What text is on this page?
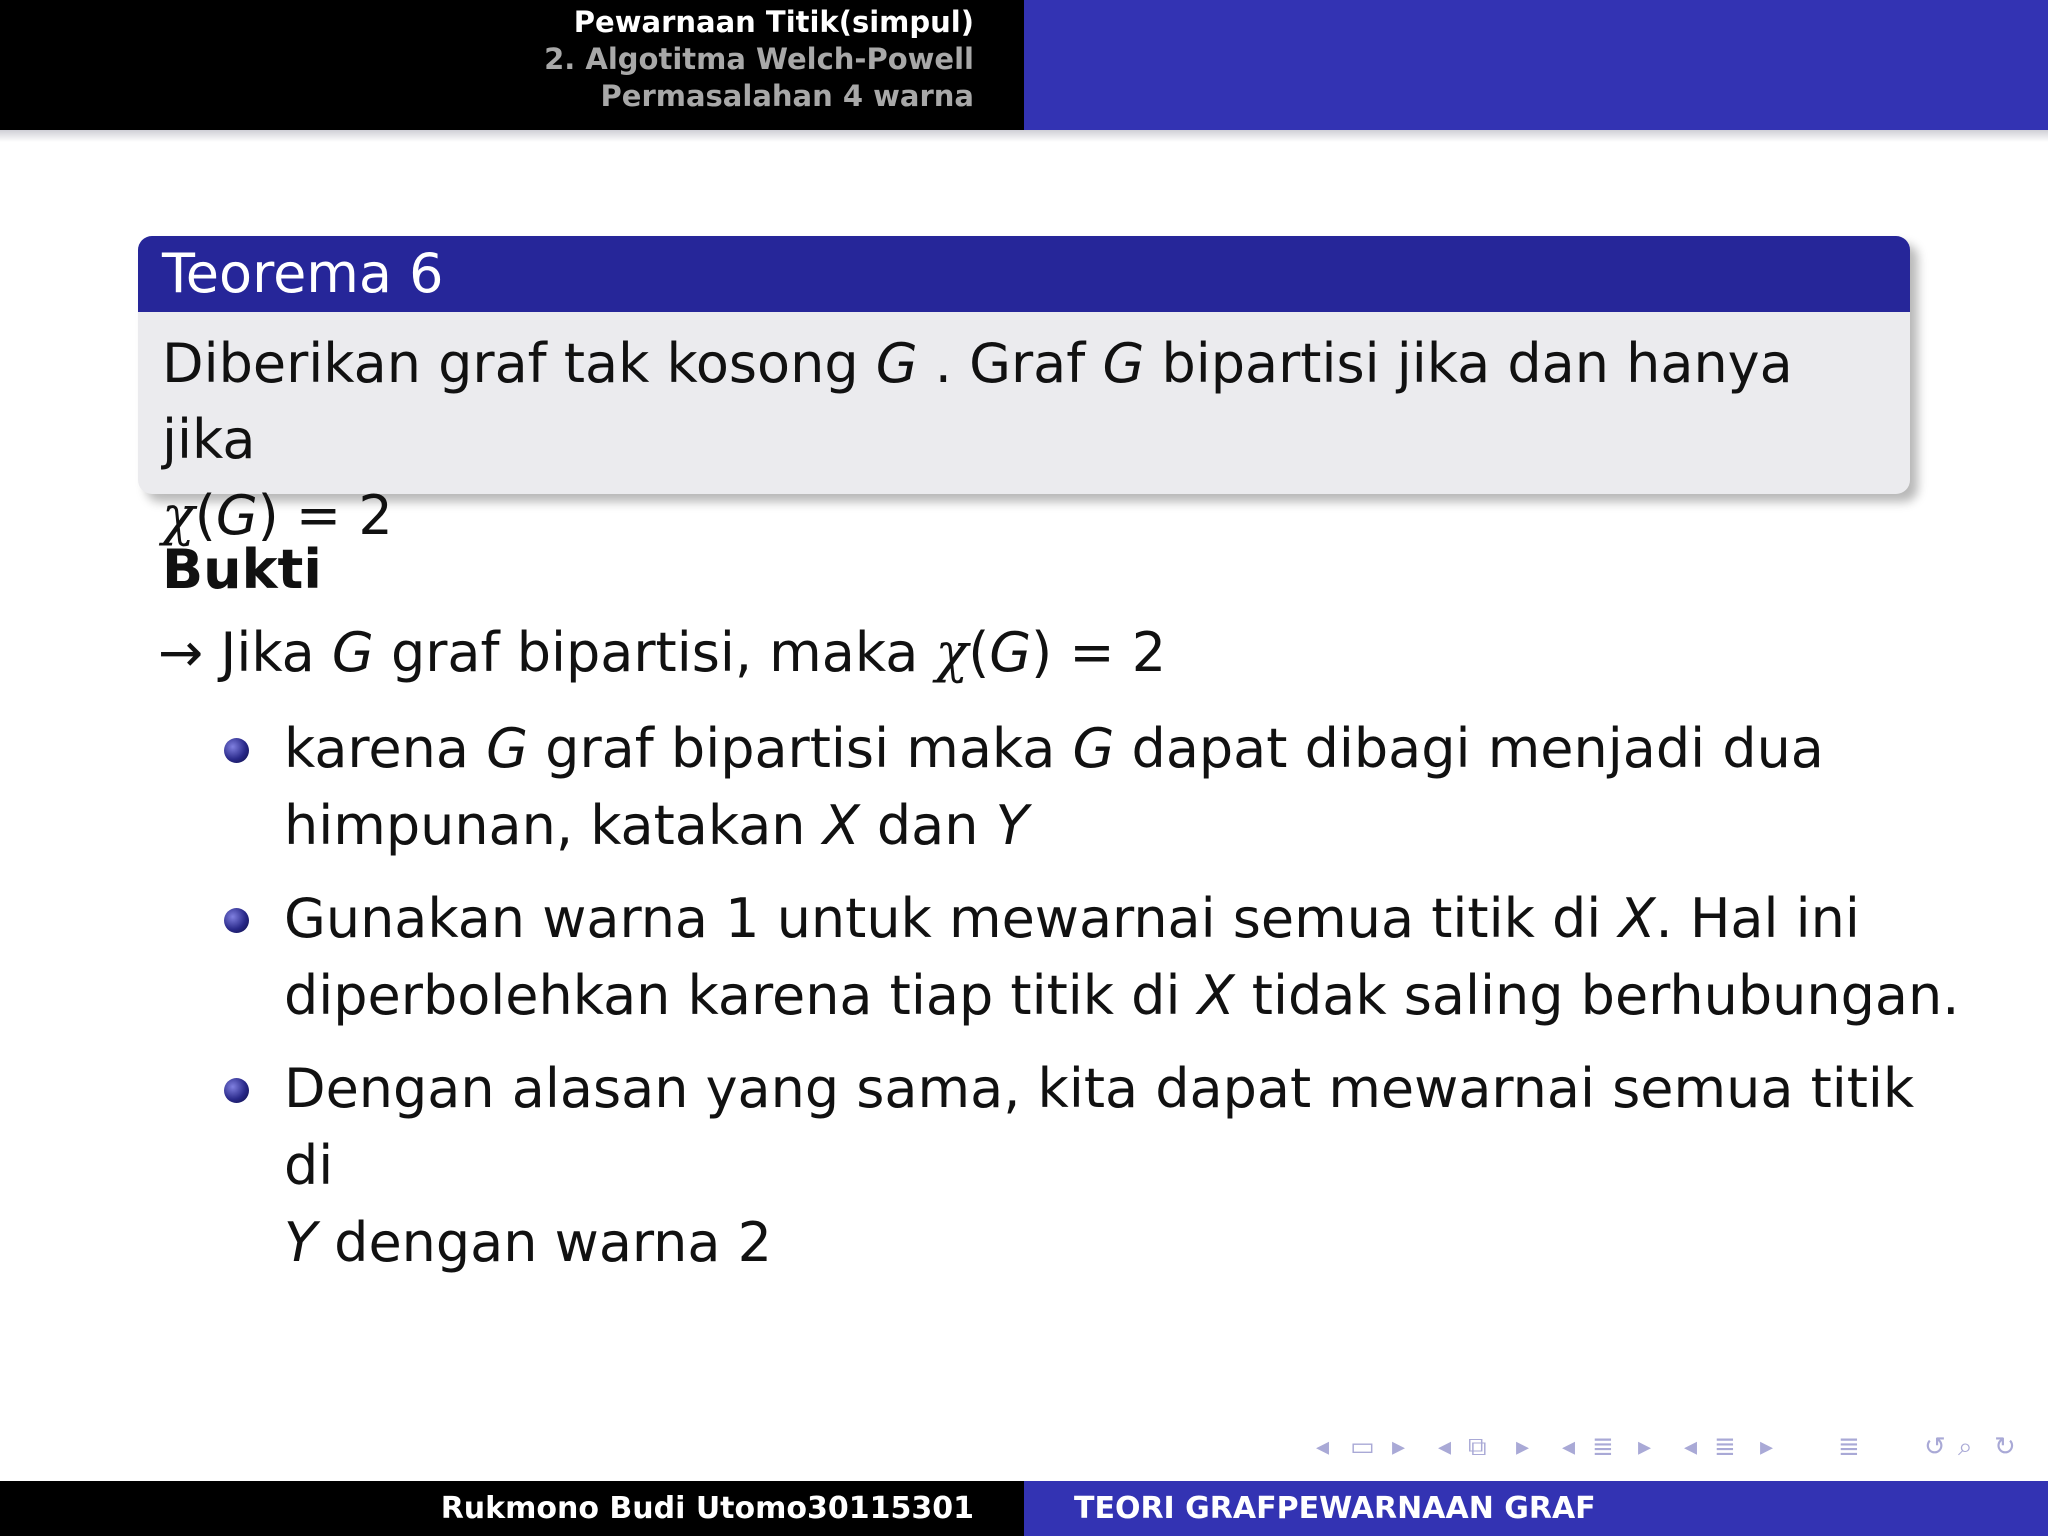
Pewarnaan Titik(simpul)
2. Algotitma Welch-Powell
Permasalahan 4 warna
Teorema 6
Diberikan graf tak kosong G . Graf G bipartisi jika dan hanya jika
χ(G) = 2
Bukti
→ Jika G graf bipartisi, maka χ(G) = 2
karena G graf bipartisi maka G dapat dibagi menjadi dua
himpunan, katakan X dan Y
Gunakan warna 1 untuk mewarnai semua titik di X. Hal ini
diperbolehkan karena tiap titik di X tidak saling berhubungan.
Dengan alasan yang sama, kita dapat mewarnai semua titik di
Y dengan warna 2
◂ ▭ ▸ ◂ ⧉ ▸ ◂ ≣ ▸ ◂ ≣ ▸ ≣ ↺ ⌕ ↻
Rukmono Budi Utomo30115301	TEORI GRAFPEWARNAAN GRAF
